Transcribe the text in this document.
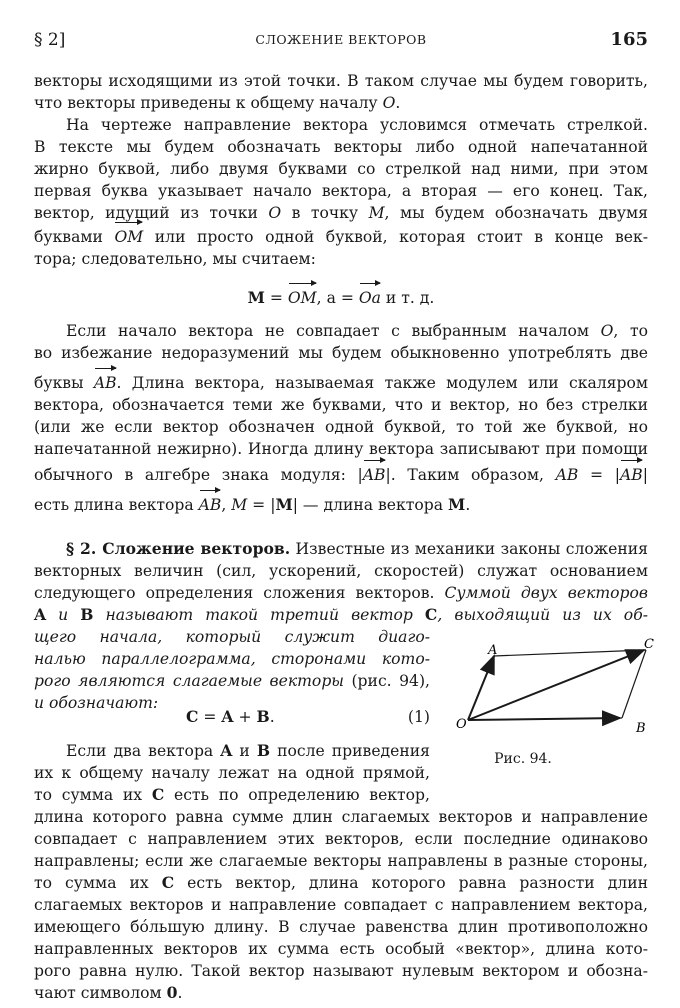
§ 2]	СЛОЖЕНИЕ ВЕКТОРОВ	165
векторы исходящими из этой точки. В таком случае мы будем говорить,
что векторы приведены к общему началу O.
На чертеже направление вектора условимся отмечать стрелкой.
В тексте мы будем обозначать векторы либо одной напечатанной
жирно буквой, либо двумя буквами со стрелкой над ними, при этом
первая буква указывает начало вектора, а вторая — его конец. Так,
вектор, идущий из точки O в точку M, мы будем обозначать двумя
буквами OM или просто одной буквой, которая стоит в конце век-
тора; следовательно, мы считаем:
M = OM, a = Oa и т. д.
Если начало вектора не совпадает с выбранным началом O, то
во избежание недоразумений мы будем обыкновенно употреблять две
буквы AB. Длина вектора, называемая также модулем или скаляром
вектора, обозначается теми же буквами, что и вектор, но без стрелки
(или же если вектор обозначен одной буквой, то той же буквой, но
напечатанной нежирно). Иногда длину вектора записывают при помощи
обычного в алгебре знака модуля: |AB|. Таким образом, AB = |AB|
есть длина вектора AB, M = |M| — длина вектора M.
§ 2. Сложение векторов. Известные из механики законы сложения
векторных величин (сил, ускорений, скоростей) служат основанием
следующего определения сложения векторов. Суммой двух векторов
A и B называют такой третий вектор C, выходящий из их об-
щего начала, который служит диаго-
налью параллелограмма, сторонами кото-
рого являются слагаемые векторы (рис. 94),
и обозначают:
C = A + B.	(1)
Если два вектора A и B после приведения
их к общему началу лежат на одной прямой,
то сумма их C есть по определению вектор,
длина которого равна сумме длин слагаемых векторов и направление
совпадает с направлением этих векторов, если последние одинаково
направлены; если же слагаемые векторы направлены в разные стороны,
то сумма их C есть вектор, длина которого равна разности длин
слагаемых векторов и направление совпадает с направлением вектора,
имеющего бо́льшую длину. В случае равенства длин противоположно
направленных векторов их сумма есть особый «вектор», длина кото-
рого равна нулю. Такой вектор называют нулевым вектором и обозна-
чают символом 0.
A	C
O	B
Рис. 94.
